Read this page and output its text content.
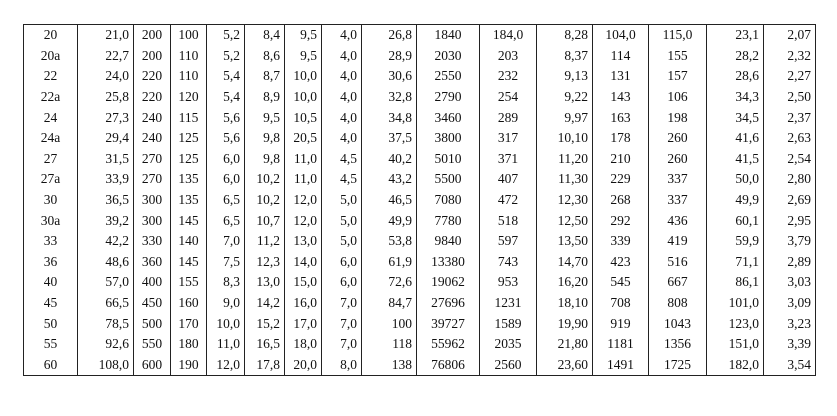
20	21,0	200	100	5,2	8,4	9,5	4,0	26,8	1840	184,0	8,28	104,0	115,0	23,1	2,07
20a	22,7	200	110	5,2	8,6	9,5	4,0	28,9	2030	203	8,37	114	155	28,2	2,32
22	24,0	220	110	5,4	8,7	10,0	4,0	30,6	2550	232	9,13	131	157	28,6	2,27
22a	25,8	220	120	5,4	8,9	10,0	4,0	32,8	2790	254	9,22	143	106	34,3	2,50
24	27,3	240	115	5,6	9,5	10,5	4,0	34,8	3460	289	9,97	163	198	34,5	2,37
24a	29,4	240	125	5,6	9,8	20,5	4,0	37,5	3800	317	10,10	178	260	41,6	2,63
27	31,5	270	125	6,0	9,8	11,0	4,5	40,2	5010	371	11,20	210	260	41,5	2,54
27a	33,9	270	135	6,0	10,2	11,0	4,5	43,2	5500	407	11,30	229	337	50,0	2,80
30	36,5	300	135	6,5	10,2	12,0	5,0	46,5	7080	472	12,30	268	337	49,9	2,69
30a	39,2	300	145	6,5	10,7	12,0	5,0	49,9	7780	518	12,50	292	436	60,1	2,95
33	42,2	330	140	7,0	11,2	13,0	5,0	53,8	9840	597	13,50	339	419	59,9	3,79
36	48,6	360	145	7,5	12,3	14,0	6,0	61,9	13380	743	14,70	423	516	71,1	2,89
40	57,0	400	155	8,3	13,0	15,0	6,0	72,6	19062	953	16,20	545	667	86,1	3,03
45	66,5	450	160	9,0	14,2	16,0	7,0	84,7	27696	1231	18,10	708	808	101,0	3,09
50	78,5	500	170	10,0	15,2	17,0	7,0	100	39727	1589	19,90	919	1043	123,0	3,23
55	92,6	550	180	11,0	16,5	18,0	7,0	118	55962	2035	21,80	1181	1356	151,0	3,39
60	108,0	600	190	12,0	17,8	20,0	8,0	138	76806	2560	23,60	1491	1725	182,0	3,54
